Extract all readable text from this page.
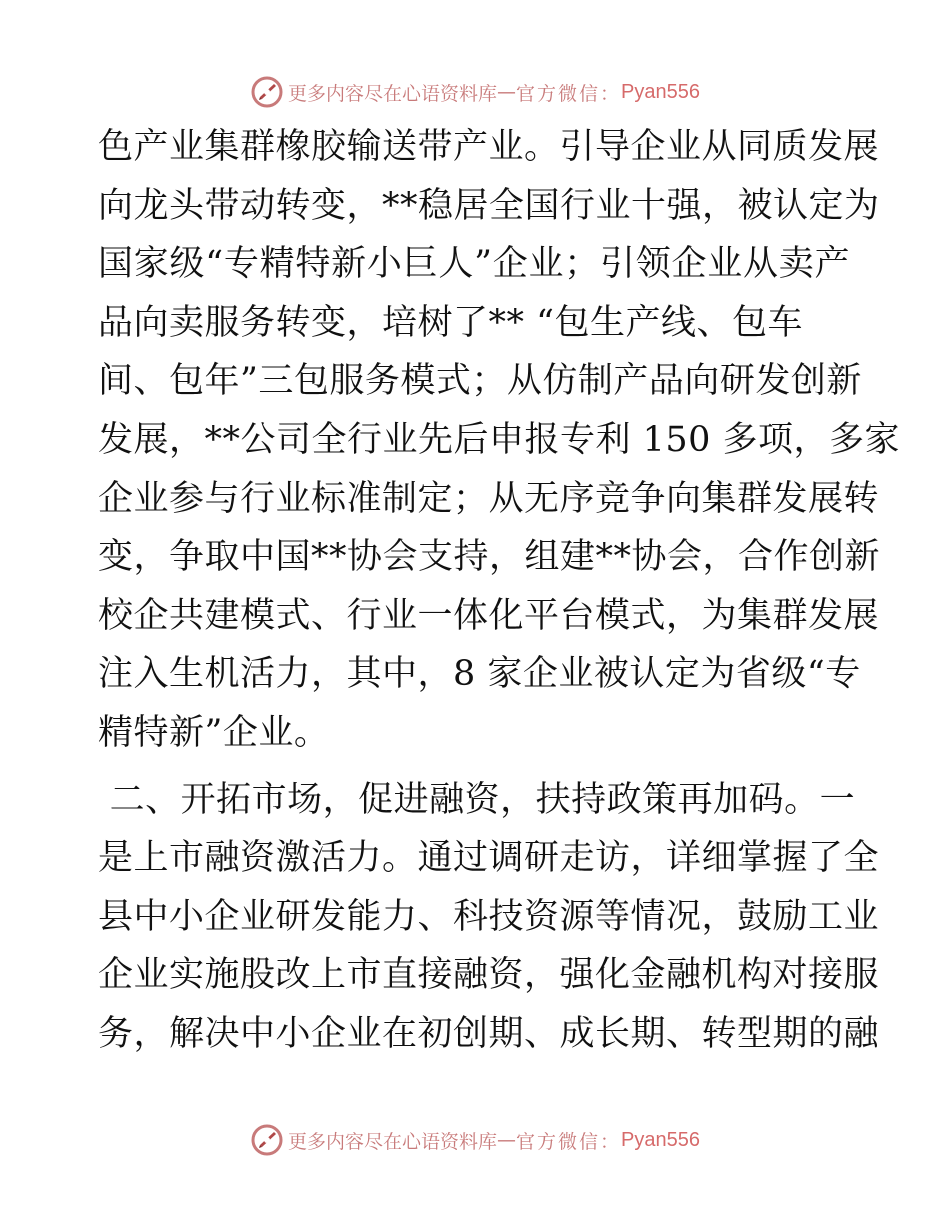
更多内容尽在心语资料库 — 官方微信： Pyan556
色产业集群橡胶输送带产业。引导企业从同质发展
向龙头带动转变，**稳居全国行业十强，被认定为
国家级“专精特新小巨人”企业；引领企业从卖产
品向卖服务转变，培树了** “包生产线、包车
间、包年”三包服务模式；从仿制产品向研发创新
发展，**公司全行业先后申报专利 150 多项，多家
企业参与行业标准制定；从无序竞争向集群发展转
变，争取中国**协会支持，组建**协会，合作创新
校企共建模式、行业一体化平台模式，为集群发展
注入生机活力，其中，8 家企业被认定为省级“专
精特新”企业。
二、开拓市场，促进融资，扶持政策再加码。一
是上市融资激活力。通过调研走访，详细掌握了全
县中小企业研发能力、科技资源等情况，鼓励工业
企业实施股改上市直接融资，强化金融机构对接服
务，解决中小企业在初创期、成长期、转型期的融
更多内容尽在心语资料库 — 官方微信： Pyan556
